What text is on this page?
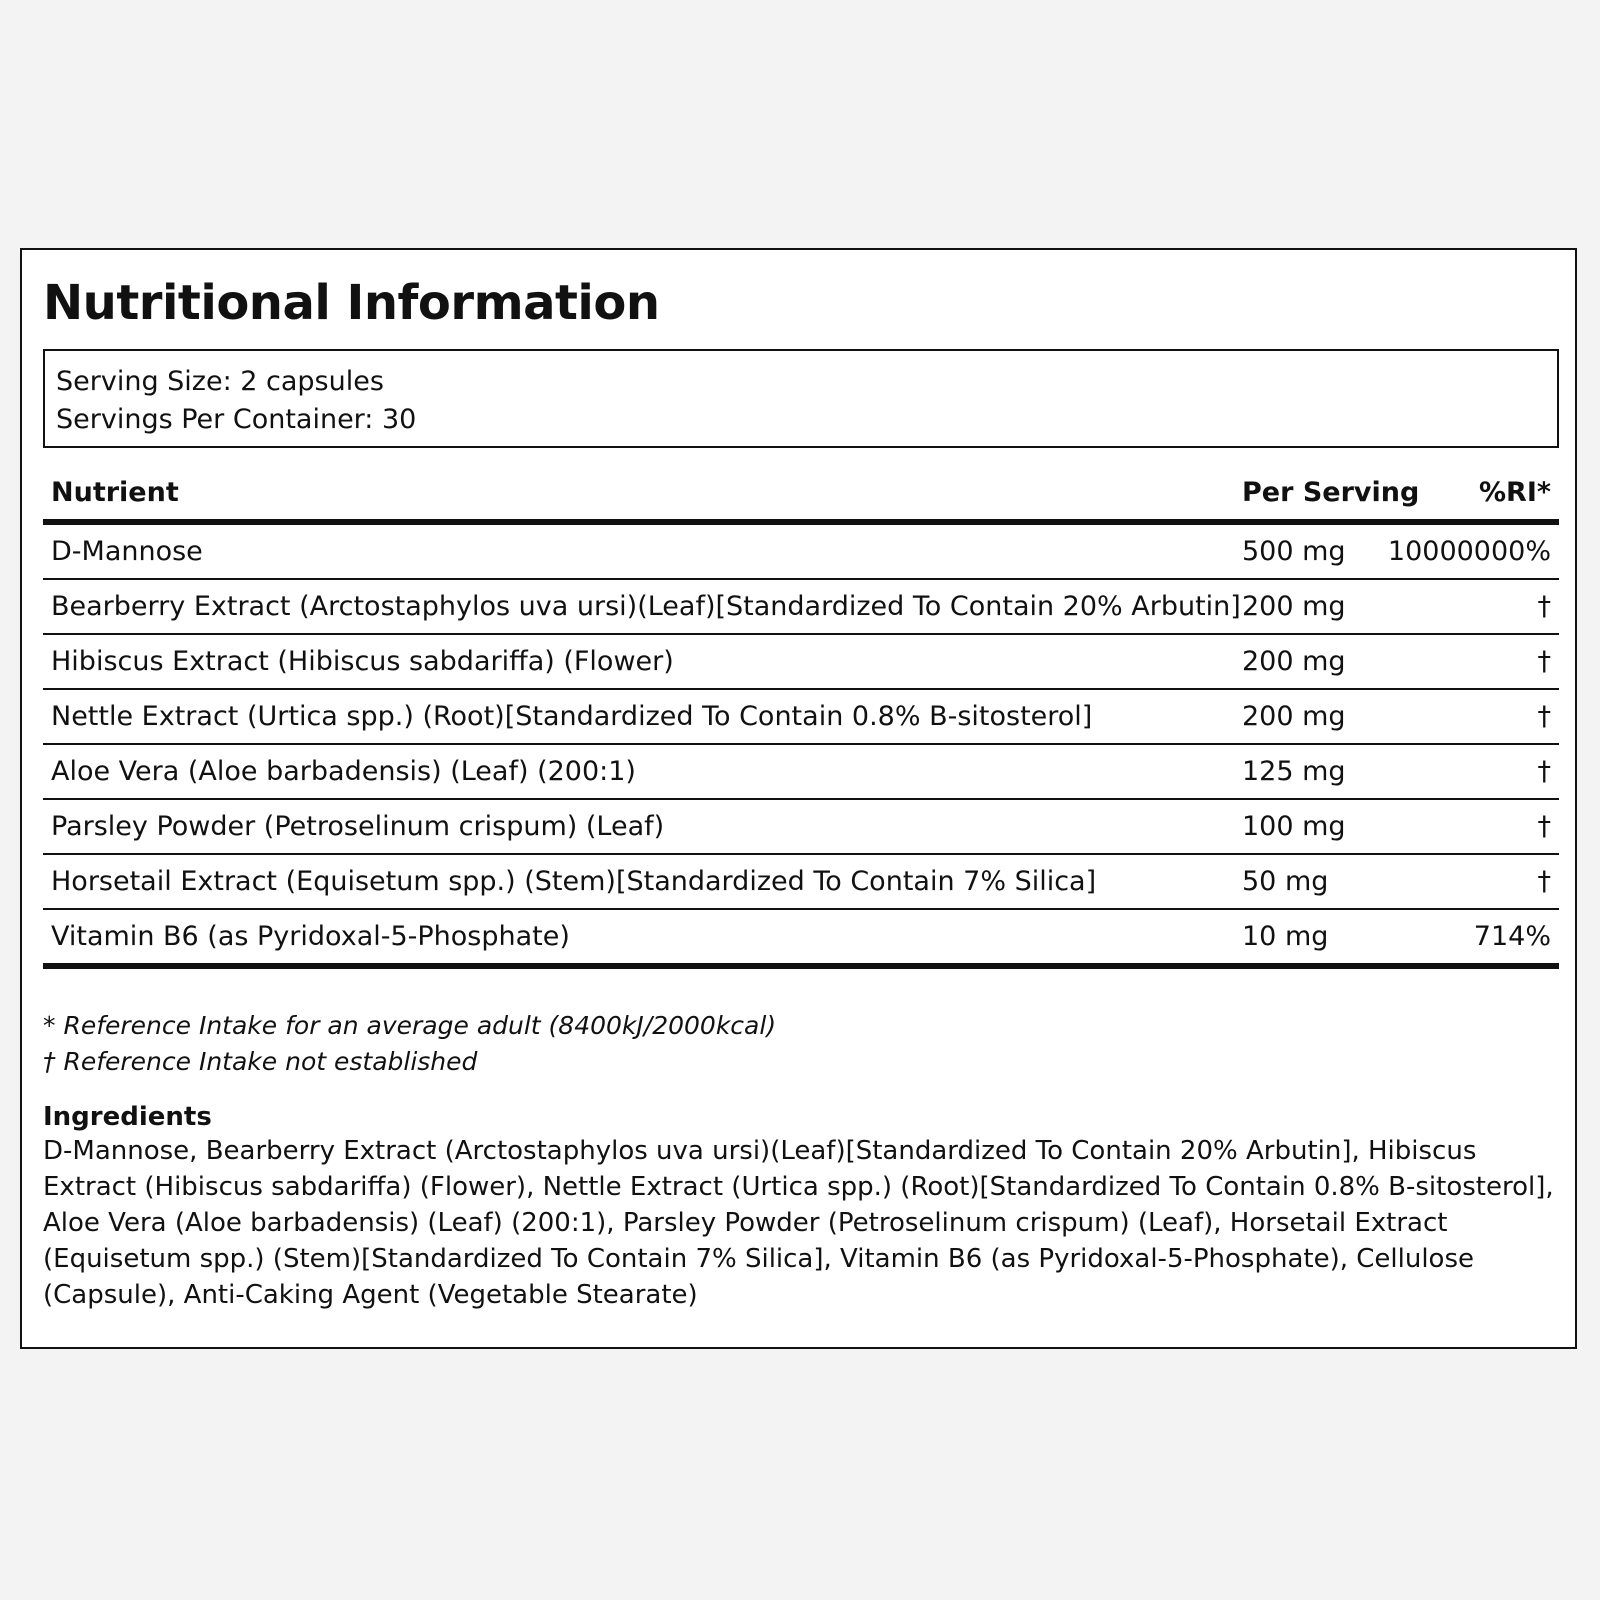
Nutritional Information
Serving Size: 2 capsules
Servings Per Container: 30
Nutrient	Per Serving %RI*
D-Mannose	500 mg 10000000%
Bearberry Extract (Arctostaphylos uva ursi)(Leaf)[Standardized To Contain 20% Arbutin] 200 mg	†
Hibiscus Extract (Hibiscus sabdariffa) (Flower)	200 mg	†
Nettle Extract (Urtica spp.) (Root)[Standardized To Contain 0.8% B-sitosterol]	200 mg	†
Aloe Vera (Aloe barbadensis) (Leaf) (200:1)	125 mg	†
Parsley Powder (Petroselinum crispum) (Leaf)	100 mg	†
Horsetail Extract (Equisetum spp.) (Stem)[Standardized To Contain 7% Silica]	50 mg	†
Vitamin B6 (as Pyridoxal-5-Phosphate)	10 mg	714%
* Reference Intake for an average adult (8400kJ/2000kcal)
† Reference Intake not established
Ingredients

D-Mannose, Bearberry Extract (Arctostaphylos uva ursi)(Leaf)[Standardized To Contain 20% Arbutin], Hibiscus Extract (Hibiscus sabdariffa) (Flower), Nettle Extract (Urtica spp.) (Root)[Standardized To Contain 0.8% B-sitosterol], Aloe Vera (Aloe barbadensis) (Leaf) (200:1), Parsley Powder (Petroselinum crispum) (Leaf), Horsetail Extract (Equisetum spp.) (Stem)[Standardized To Contain 7% Silica], Vitamin B6 (as Pyridoxal-5-Phosphate), Cellulose (Capsule), Anti-Caking Agent (Vegetable Stearate)
